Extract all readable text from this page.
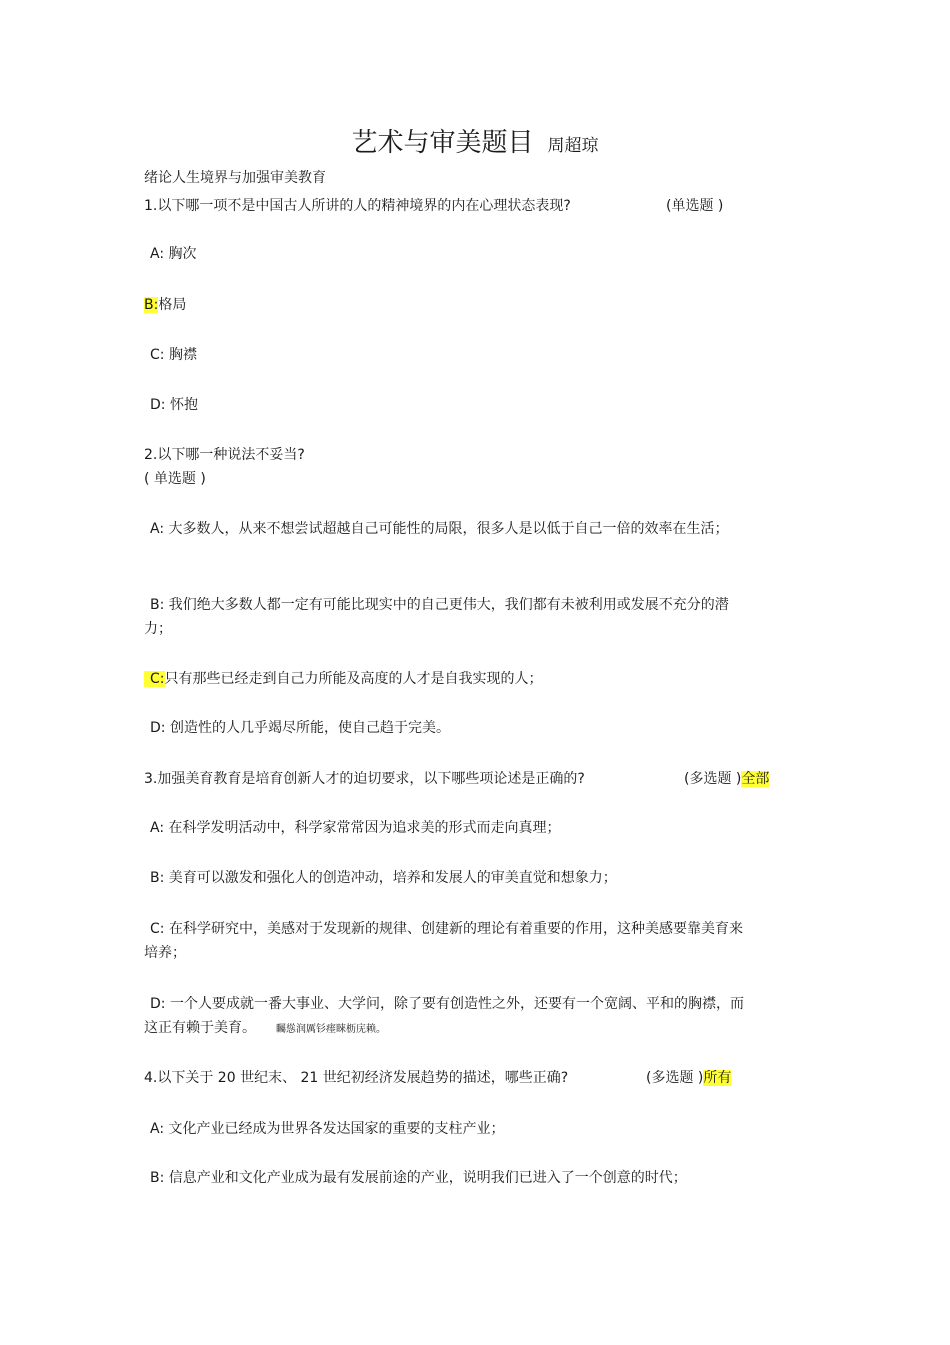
艺术与审美题目 周超琼
绪论人生境界与加强审美教育
1.以下哪一项不是中国古人所讲的人的精神境界的内在心理状态表现?	(单选题 )
A: 胸次
B:格局
C: 胸襟
D: 怀抱
2.以下哪一种说法不妥当?
( 单选题 )
A: 大多数人，从来不想尝试超越自己可能性的局限，很多人是以低于自己一倍的效率在生活；
B: 我们绝大多数人都一定有可能比现实中的自己更伟大，我们都有未被利用或发展不充分的潜力；
C:只有那些已经走到自己力所能及高度的人才是自我实现的人；
D: 创造性的人几乎竭尽所能，使自己趋于完美。
3.加强美育教育是培育创新人才的迫切要求，以下哪些项论述是正确的?	(多选题 )全部
A: 在科学发明活动中，科学家常常因为追求美的形式而走向真理；
B: 美育可以激发和强化人的创造冲动，培养和发展人的审美直觉和想象力；
C: 在科学研究中，美感对于发现新的规律、创建新的理论有着重要的作用，这种美感要靠美育来培养；
D: 一个人要成就一番大事业、大学问，除了要有创造性之外，还要有一个宽阔、平和的胸襟，而这正有赖于美育。 矚慫润厲钐瘗睞枥庑赖。
4.以下关于 20 世纪末、 21 世纪初经济发展趋势的描述，哪些正确?	(多选题 )所有
A: 文化产业已经成为世界各发达国家的重要的支柱产业；
B: 信息产业和文化产业成为最有发展前途的产业，说明我们已进入了一个创意的时代；
